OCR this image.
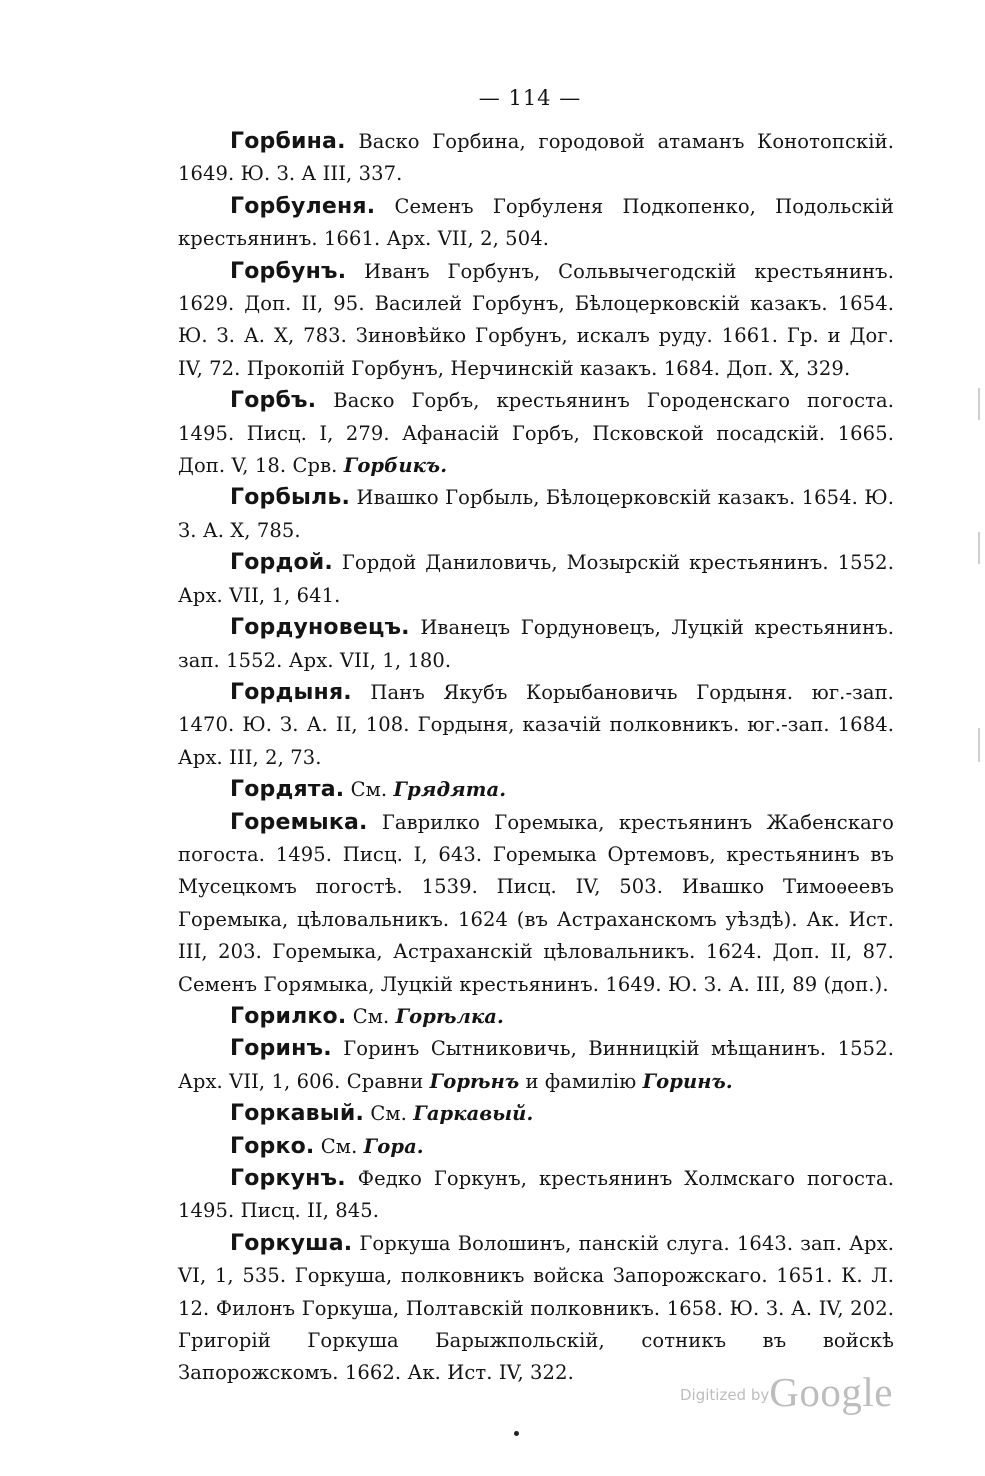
— 114 —

Горбина. Васко Горбина, городовой атаманъ Конотопскій. 1649. Ю. З. А III, 337.

Горбуленя. Семенъ Горбуленя Подкопенко, Подольскій крестьянинъ. 1661. Арх. VII, 2, 504.

Горбунъ. Иванъ Горбунъ, Сольвычегодскій крестьянинъ. 1629. Доп. II, 95. Василей Горбунъ, Бѣлоцерковскій казакъ. 1654. Ю. З. А. X, 783. Зиновѣйко Горбунъ, искалъ руду. 1661. Гр. и Дог. IV, 72. Прокопій Горбунъ, Нерчинскій казакъ. 1684. Доп. X, 329.

Горбъ. Васко Горбъ, крестьянинъ Городенскаго погоста. 1495. Писц. I, 279. Афанасій Горбъ, Псковской посадскій. 1665. Доп. V, 18. Срв. Горбикъ.

Горбыль. Ивашко Горбыль, Бѣлоцерковскій казакъ. 1654. Ю. З. А. X, 785.

Гордой. Гордой Даниловичь, Мозырскій крестьянинъ. 1552. Арх. VII, 1, 641.

Гордуновецъ. Иванецъ Гордуновецъ, Луцкій крестьянинъ. зап. 1552. Арх. VII, 1, 180.

Гордыня. Панъ Якубъ Корыбановичь Гордыня. юг.-зап. 1470. Ю. З. А. II, 108. Гордыня, казачій полковникъ. юг.-зап. 1684. Арх. III, 2, 73.

Гордята. См. Грядята.

Горемыка. Гаврилко Горемыка, крестьянинъ Жабенскаго погоста. 1495. Писц. I, 643. Горемыка Ортемовъ, крестьянинъ въ Мусецкомъ погостѣ. 1539. Писц. IV, 503. Ивашко Тимоѳеевъ Горемыка, цѣловальникъ. 1624 (въ Астраханскомъ уѣздѣ). Ак. Ист. III, 203. Горемыка, Астраханскій цѣловальникъ. 1624. Доп. II, 87. Семенъ Горямыка, Луцкій крестьянинъ. 1649. Ю. З. А. III, 89 (доп.).

Горилко. См. Горѣлка.

Горинъ. Горинъ Сытниковичь, Винницкій мѣщанинъ. 1552. Арх. VII, 1, 606. Сравни Горѣнъ и фамилію Горинъ.

Горкавый. См. Гаркавый.

Горко. См. Гора.

Горкунъ. Федко Горкунъ, крестьянинъ Холмскаго погоста. 1495. Писц. II, 845.

Горкуша. Горкуша Волошинъ, панскій слуга. 1643. зап. Арх. VI, 1, 535. Горкуша, полковникъ войска Запорожскаго. 1651. К. Л. 12. Филонъ Горкуша, Полтавскій полковникъ. 1658. Ю. З. А. IV, 202. Григорій Горкуша Барыжпольскій, сотникъ въ войскѣ Запорожскомъ. 1662. Ак. Ист. IV, 322.

Digitized byGoogle
